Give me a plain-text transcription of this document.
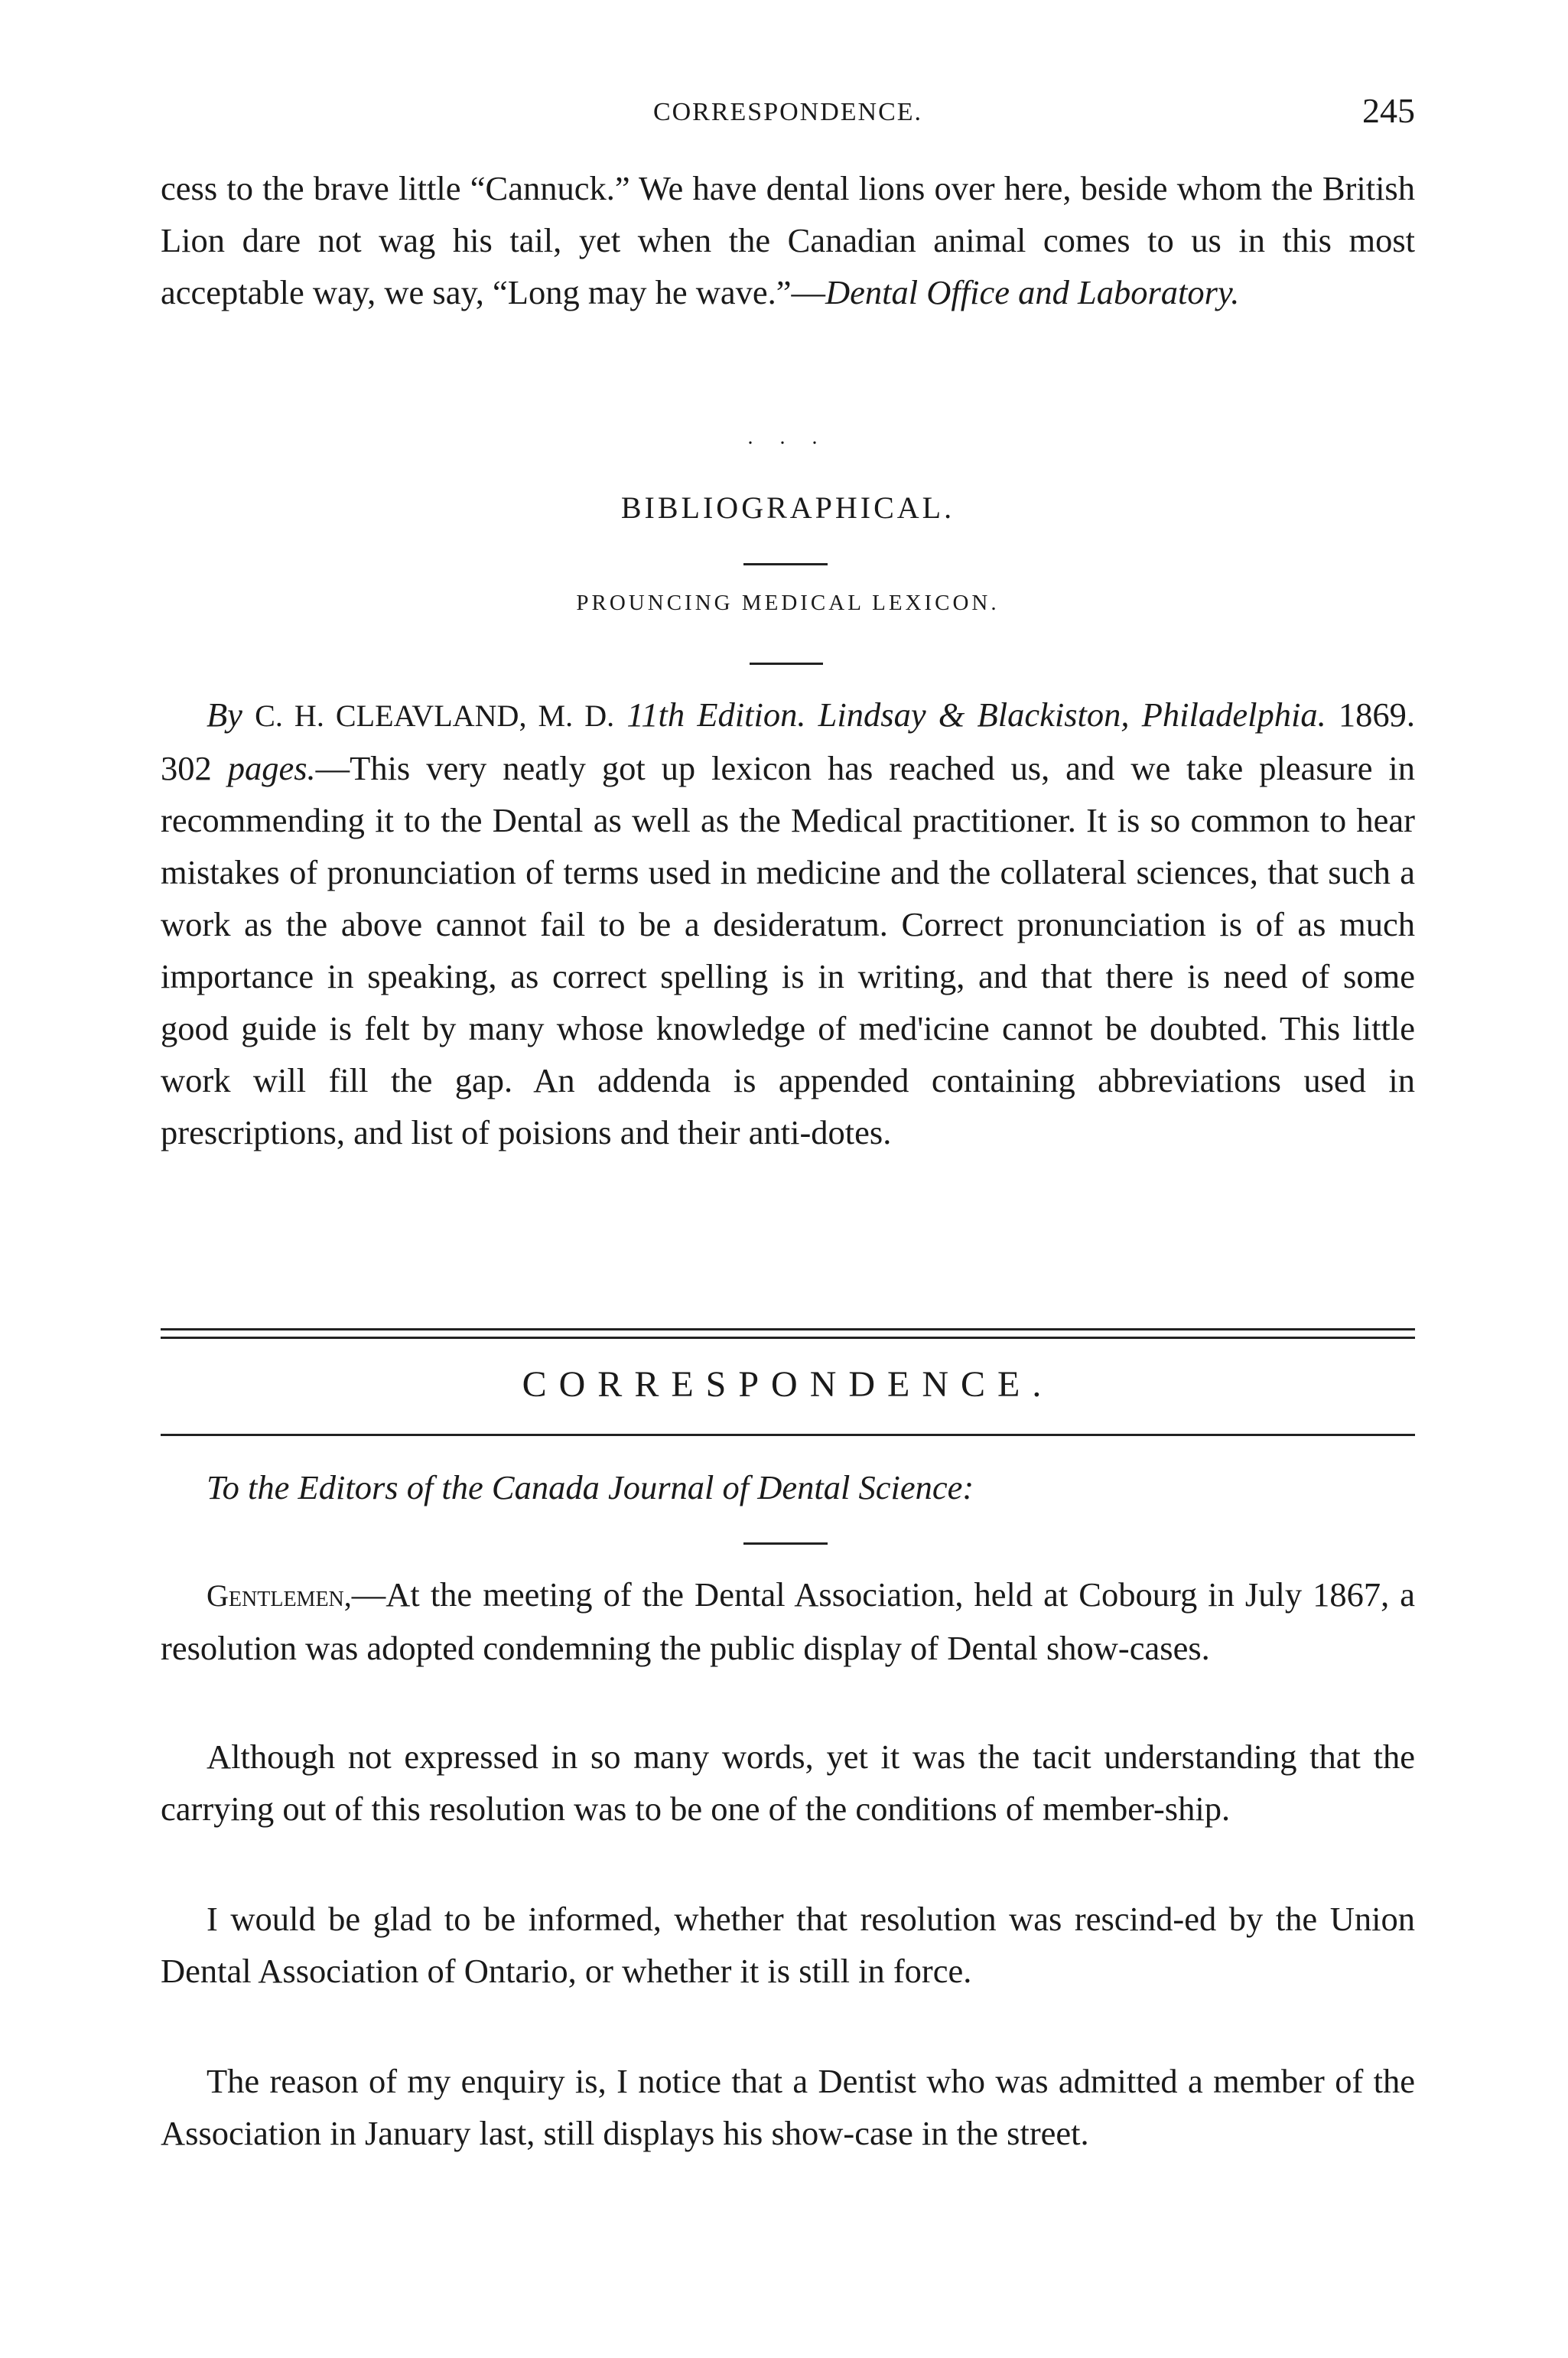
CORRESPONDENCE.	245

cess to the brave little “Cannuck.” We have dental lions over here, beside whom the British Lion dare not wag his tail, yet when the Canadian animal comes to us in this most acceptable way, we say, “Long may he wave.”—Dental Office and Laboratory.

. . .

BIBLIOGRAPHICAL.

PROUNCING MEDICAL LEXICON.

By C. H. CLEAVLAND, M. D. 11th Edition. Lindsay & Blackiston, Philadelphia. 1869. 302 pages.—This very neatly got up lexicon has reached us, and we take pleasure in recommending it to the Dental as well as the Medical practitioner. It is so common to hear mistakes of pronunciation of terms used in medicine and the collateral sciences, that such a work as the above cannot fail to be a desideratum. Correct pronunciation is of as much importance in speaking, as correct spelling is in writing, and that there is need of some good guide is felt by many whose knowledge of med'icine cannot be doubted. This little work will fill the gap. An addenda is appended containing abbreviations used in prescriptions, and list of poisions and their anti-dotes.

CORRESPONDENCE.

To the Editors of the Canada Journal of Dental Science:

Gentlemen,—At the meeting of the Dental Association, held at Cobourg in July 1867, a resolution was adopted condemning the public display of Dental show-cases.

Although not expressed in so many words, yet it was the tacit understanding that the carrying out of this resolution was to be one of the conditions of member-ship.

I would be glad to be informed, whether that resolution was rescind-ed by the Union Dental Association of Ontario, or whether it is still in force.

The reason of my enquiry is, I notice that a Dentist who was admitted a member of the Association in January last, still displays his show-case in the street.
